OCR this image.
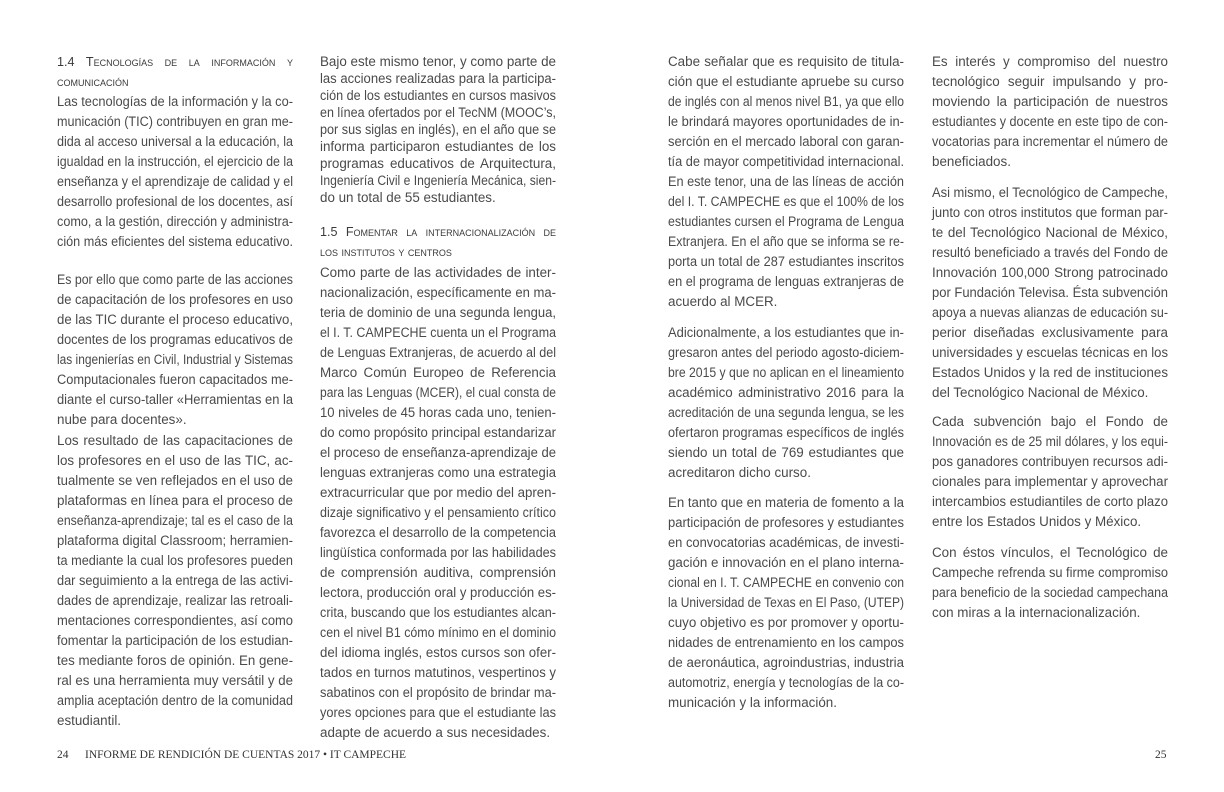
1.4 Tecnologías de la información y
comunicación
Las tecnologías de la información y la co-
municación (TIC) contribuyen en gran me-
dida al acceso universal a la educación, la
igualdad en la instrucción, el ejercicio de la
enseñanza y el aprendizaje de calidad y el
desarrollo profesional de los docentes, así
como, a la gestión, dirección y administra-
ción más eficientes del sistema educativo.
Es por ello que como parte de las acciones
de capacitación de los profesores en uso
de las TIC durante el proceso educativo,
docentes de los programas educativos de
las ingenierías en Civil, Industrial y Sistemas
Computacionales fueron capacitados me-
diante el curso-taller «Herramientas en la
nube para docentes».
Los resultado de las capacitaciones de
los profesores en el uso de las TIC, ac-
tualmente se ven reflejados en el uso de
plataformas en línea para el proceso de
enseñanza-aprendizaje; tal es el caso de la
plataforma digital Classroom; herramien-
ta mediante la cual los profesores pueden
dar seguimiento a la entrega de las activi-
dades de aprendizaje, realizar las retroali-
mentaciones correspondientes, así como
fomentar la participación de los estudian-
tes mediante foros de opinión. En gene-
ral es una herramienta muy versátil y de
amplia aceptación dentro de la comunidad
estudiantil.
Bajo este mismo tenor, y como parte de
las acciones realizadas para la participa-
ción de los estudiantes en cursos masivos
en línea ofertados por el TecNM (MOOC’s,
por sus siglas en inglés), en el año que se
informa participaron estudiantes de los
programas educativos de Arquitectura,
Ingeniería Civil e Ingeniería Mecánica, sien-
do un total de 55 estudiantes.
1.5 Fomentar la internacionalización de
los institutos y centros
Como parte de las actividades de inter-
nacionalización, específicamente en ma-
teria de dominio de una segunda lengua,
el I. T. CAMPECHE cuenta un el Programa
de Lenguas Extranjeras, de acuerdo al del
Marco Común Europeo de Referencia
para las Lenguas (MCER), el cual consta de
10 niveles de 45 horas cada uno, tenien-
do como propósito principal estandarizar
el proceso de enseñanza-aprendizaje de
lenguas extranjeras como una estrategia
extracurricular que por medio del apren-
dizaje significativo y el pensamiento crítico
favorezca el desarrollo de la competencia
lingüística conformada por las habilidades
de comprensión auditiva, comprensión
lectora, producción oral y producción es-
crita, buscando que los estudiantes alcan-
cen el nivel B1 cómo mínimo en el dominio
del idioma inglés, estos cursos son ofer-
tados en turnos matutinos, vespertinos y
sabatinos con el propósito de brindar ma-
yores opciones para que el estudiante las
adapte de acuerdo a sus necesidades.
Cabe señalar que es requisito de titula-
ción que el estudiante apruebe su curso
de inglés con al menos nivel B1, ya que ello
le brindará mayores oportunidades de in-
serción en el mercado laboral con garan-
tía de mayor competitividad internacional.
En este tenor, una de las líneas de acción
del I. T. CAMPECHE es que el 100% de los
estudiantes cursen el Programa de Lengua
Extranjera. En el año que se informa se re-
porta un total de 287 estudiantes inscritos
en el programa de lenguas extranjeras de
acuerdo al MCER.
Adicionalmente, a los estudiantes que in-
gresaron antes del periodo agosto-diciem-
bre 2015 y que no aplican en el lineamiento
académico administrativo 2016 para la
acreditación de una segunda lengua, se les
ofertaron programas específicos de inglés
siendo un total de 769 estudiantes que
acreditaron dicho curso.
En tanto que en materia de fomento a la
participación de profesores y estudiantes
en convocatorias académicas, de investi-
gación e innovación en el plano interna-
cional en I. T. CAMPECHE en convenio con
la Universidad de Texas en El Paso, (UTEP)
cuyo objetivo es por promover y oportu-
nidades de entrenamiento en los campos
de aeronáutica, agroindustrias, industria
automotriz, energía y tecnologías de la co-
municación y la información.
Es interés y compromiso del nuestro
tecnológico seguir impulsando y pro-
moviendo la participación de nuestros
estudiantes y docente en este tipo de con-
vocatorias para incrementar el número de
beneficiados.
Asi mismo, el Tecnológico de Campeche,
junto con otros institutos que forman par-
te del Tecnológico Nacional de México,
resultó beneficiado a través del Fondo de
Innovación 100,000 Strong patrocinado
por Fundación Televisa. Ésta subvención
apoya a nuevas alianzas de educación su-
perior diseñadas exclusivamente para
universidades y escuelas técnicas en los
Estados Unidos y la red de instituciones
del Tecnológico Nacional de México.
Cada subvención bajo el Fondo de
Innovación es de 25 mil dólares, y los equi-
pos ganadores contribuyen recursos adi-
cionales para implementar y aprovechar
intercambios estudiantiles de corto plazo
entre los Estados Unidos y México.
Con éstos vínculos, el Tecnológico de
Campeche refrenda su firme compromiso
para beneficio de la sociedad campechana
con miras a la internacionalización.
24 INFORME DE RENDICIÓN DE CUENTAS 2017 • IT CAMPECHE	25
